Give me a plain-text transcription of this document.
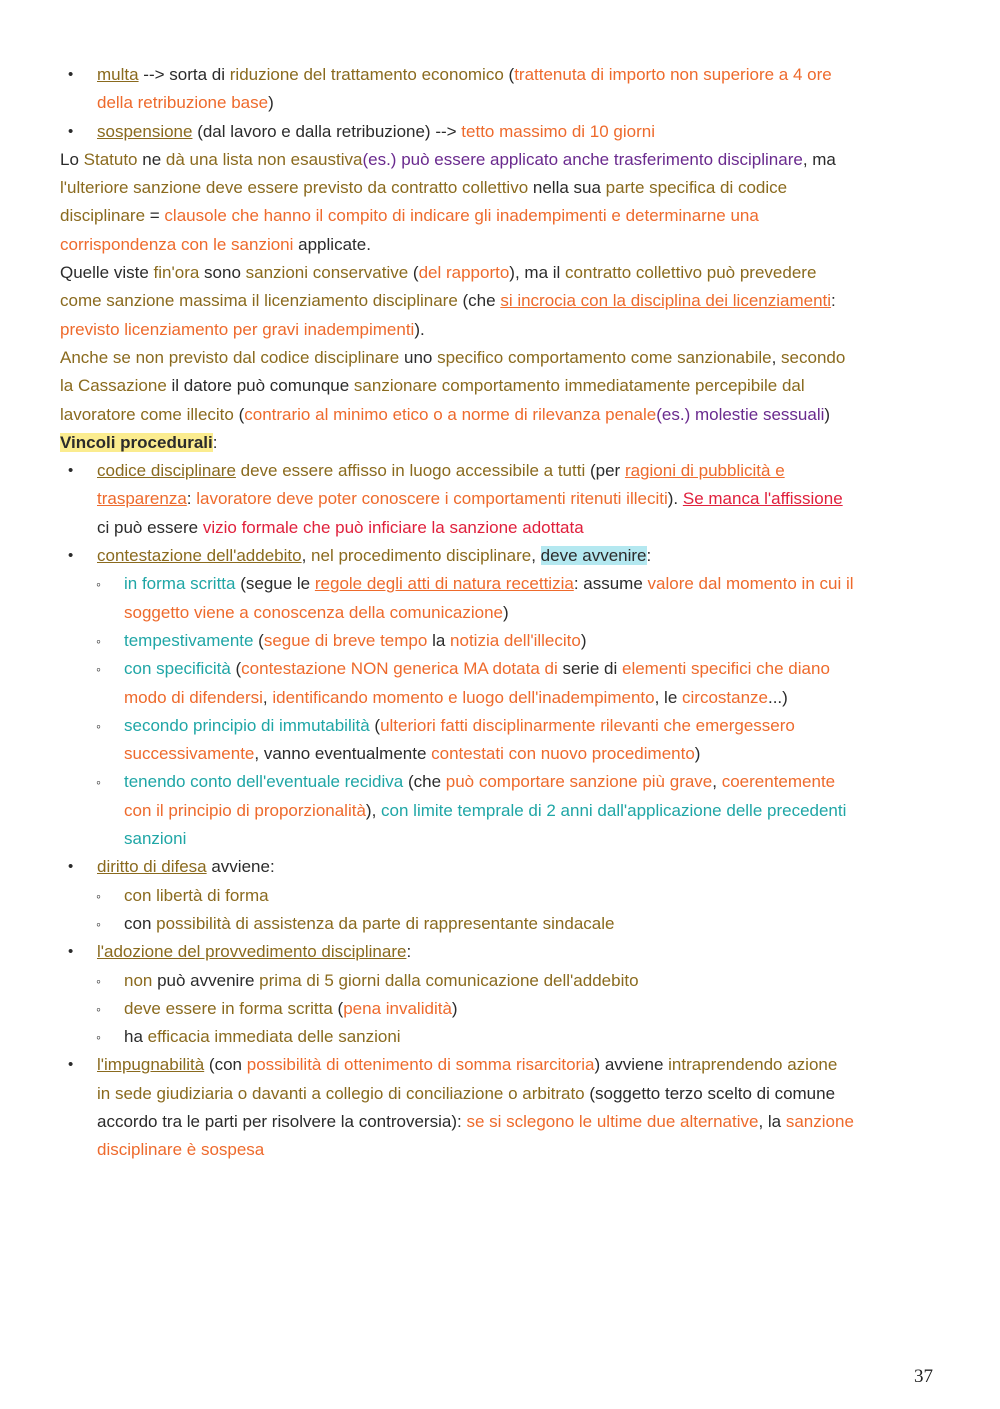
• multa --> sorta di riduzione del trattamento economico (trattenuta di importo non superiore a 4 ore
della retribuzione base)
• sospensione (dal lavoro e dalla retribuzione) --> tetto massimo di 10 giorni
Lo Statuto ne dà una lista non esaustiva(es.) può essere applicato anche trasferimento disciplinare, ma
l'ulteriore sanzione deve essere previsto da contratto collettivo nella sua parte specifica di codice
disciplinare = clausole che hanno il compito di indicare gli inadempimenti e determinarne una
corrispondenza con le sanzioni applicate.
Quelle viste fin'ora sono sanzioni conservative (del rapporto), ma il contratto collettivo può prevedere
come sanzione massima il licenziamento disciplinare (che si incrocia con la disciplina dei licenziamenti:
previsto licenziamento per gravi inadempimenti).
Anche se non previsto dal codice disciplinare uno specifico comportamento come sanzionabile, secondo
la Cassazione il datore può comunque sanzionare comportamento immediatamente percepibile dal
lavoratore come illecito (contrario al minimo etico o a norme di rilevanza penale(es.) molestie sessuali)
Vincoli procedurali:
• codice disciplinare deve essere affisso in luogo accessibile a tutti (per ragioni di pubblicità e
trasparenza: lavoratore deve poter conoscere i comportamenti ritenuti illeciti). Se manca l'affissione
ci può essere vizio formale che può inficiare la sanzione adottata
• contestazione dell'addebito, nel procedimento disciplinare, deve avvenire:
◦ in forma scritta (segue le regole degli atti di natura recettizia: assume valore dal momento in cui il
soggetto viene a conoscenza della comunicazione)
◦ tempestivamente (segue di breve tempo la notizia dell'illecito)
◦ con specificità (contestazione NON generica MA dotata di serie di elementi specifici che diano
modo di difendersi, identificando momento e luogo dell'inadempimento, le circostanze...)
◦ secondo principio di immutabilità (ulteriori fatti disciplinarmente rilevanti che emergessero
successivamente, vanno eventualmente contestati con nuovo procedimento)
◦ tenendo conto dell'eventuale recidiva (che può comportare sanzione più grave, coerentemente
con il principio di proporzionalità), con limite temprale di 2 anni dall'applicazione delle precedenti
sanzioni
• diritto di difesa avviene:
◦ con libertà di forma
◦ con possibilità di assistenza da parte di rappresentante sindacale
• l'adozione del provvedimento disciplinare:
◦ non può avvenire prima di 5 giorni dalla comunicazione dell'addebito
◦ deve essere in forma scritta (pena invalidità)
◦ ha efficacia immediata delle sanzioni
• l'impugnabilità (con possibilità di ottenimento di somma risarcitoria) avviene intraprendendo azione
in sede giudiziaria o davanti a collegio di conciliazione o arbitrato (soggetto terzo scelto di comune
accordo tra le parti per risolvere la controversia): se si sclegono le ultime due alternative, la sanzione
disciplinare è sospesa
37
